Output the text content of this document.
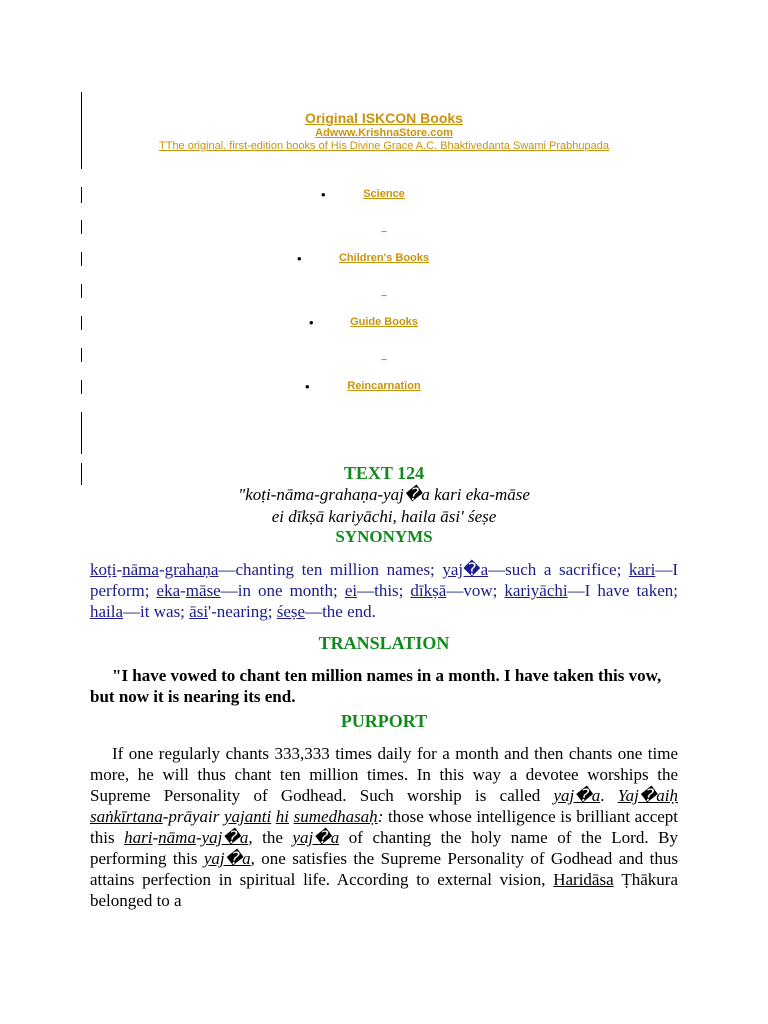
Original ISKCON Books
Adwww.KrishnaStore.com
TThe original, first-edition books of His Divine Grace A.C. Bhaktivedanta Swami Prabhupada
•	Science
_
•	Children's Books
_
•	Guide Books
_
•	Reincarnation
TEXT 124
"koṭi-nāma-grahaṇa-yaj�a kari eka-māse
ei dīkṣā kariyāchi, haila āsi' śeṣe
SYNONYMS
koṭi-nāma-grahaṇa—chanting ten million names; yaj�a—such a sacrifice; kari—I perform; eka-māse—in one month; ei—this; dīkṣā—vow; kariyāchi—I have taken; haila—it was; āsi'-nearing; śeṣe—the end.
TRANSLATION
"I have vowed to chant ten million names in a month. I have taken this vow, but now it is nearing its end.
PURPORT
If one regularly chants 333,333 times daily for a month and then chants one time more, he will thus chant ten million times. In this way a devotee worships the Supreme Personality of Godhead. Such worship is called yaj�a. Yaj�aiḥ saṅkīrtana-prāyair yajanti hi sumedhasaḥ: those whose intelligence is brilliant accept this hari-nāma-yaj�a, the yaj�a of chanting the holy name of the Lord. By performing this yaj�a, one satisfies the Supreme Personality of Godhead and thus attains perfection in spiritual life. According to external vision, Haridāsa Ṭhākura belonged to a
